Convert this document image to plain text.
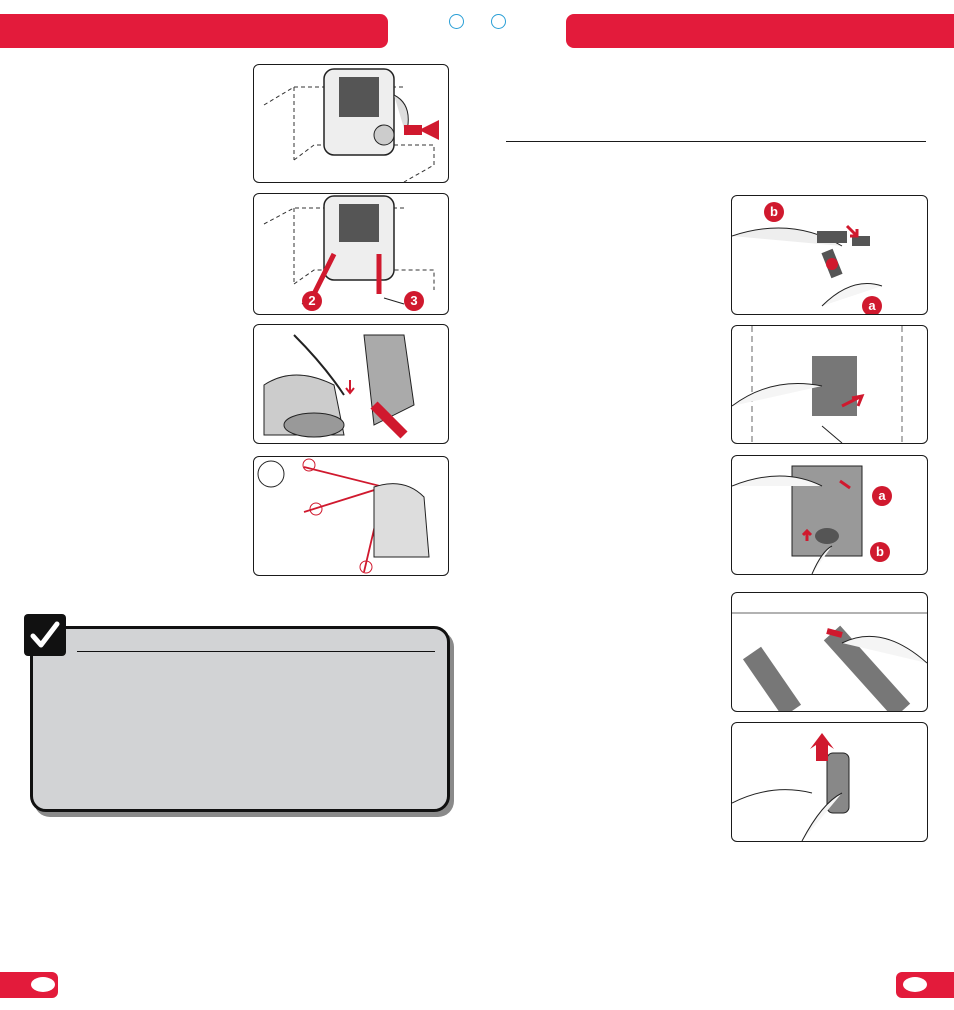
2	3
b
a
a
b
